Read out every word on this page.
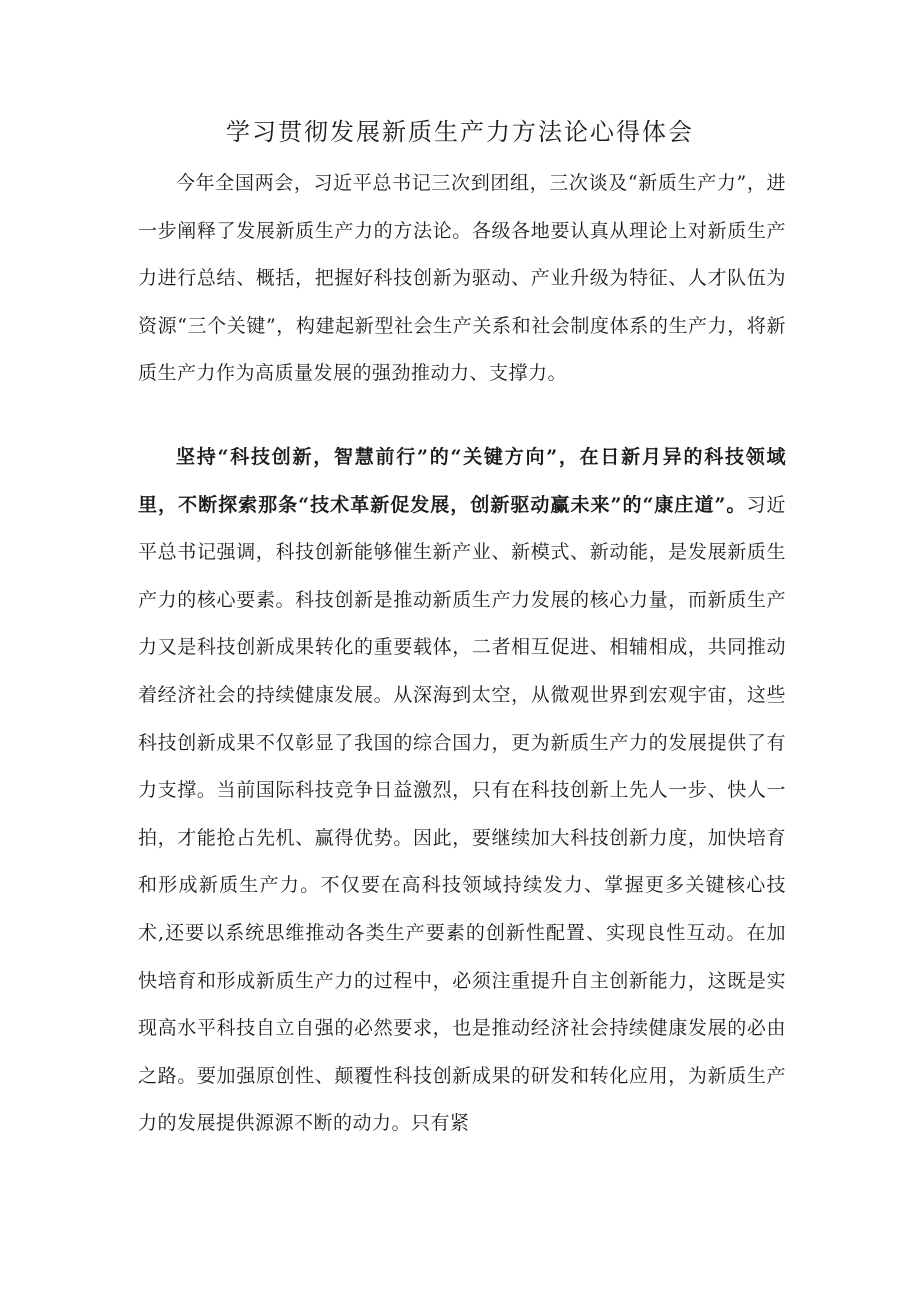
学习贯彻发展新质生产力方法论心得体会

今年全国两会，习近平总书记三次到团组，三次谈及“新质生产力”，进一步阐释了发展新质生产力的方法论。各级各地要认真从理论上对新质生产力进行总结、概括，把握好科技创新为驱动、产业升级为特征、人才队伍为资源“三个关键”，构建起新型社会生产关系和社会制度体系的生产力，将新质生产力作为高质量发展的强劲推动力、支撑力。

坚持“科技创新，智慧前行”的“关键方向”，在日新月异的科技领域里，不断探索那条“技术革新促发展，创新驱动赢未来”的“康庄道”。习近平总书记强调，科技创新能够催生新产业、新模式、新动能，是发展新质生产力的核心要素。科技创新是推动新质生产力发展的核心力量，而新质生产力又是科技创新成果转化的重要载体，二者相互促进、相辅相成，共同推动着经济社会的持续健康发展。从深海到太空，从微观世界到宏观宇宙，这些科技创新成果不仅彰显了我国的综合国力，更为新质生产力的发展提供了有力支撑。当前国际科技竞争日益激烈，只有在科技创新上先人一步、快人一拍，才能抢占先机、赢得优势。因此，要继续加大科技创新力度，加快培育和形成新质生产力。不仅要在高科技领域持续发力、掌握更多关键核心技术,还要以系统思维推动各类生产要素的创新性配置、实现良性互动。在加快培育和形成新质生产力的过程中，必须注重提升自主创新能力，这既是实现高水平科技自立自强的必然要求，也是推动经济社会持续健康发展的必由之路。要加强原创性、颠覆性科技创新成果的研发和转化应用，为新质生产力的发展提供源源不断的动力。只有紧
